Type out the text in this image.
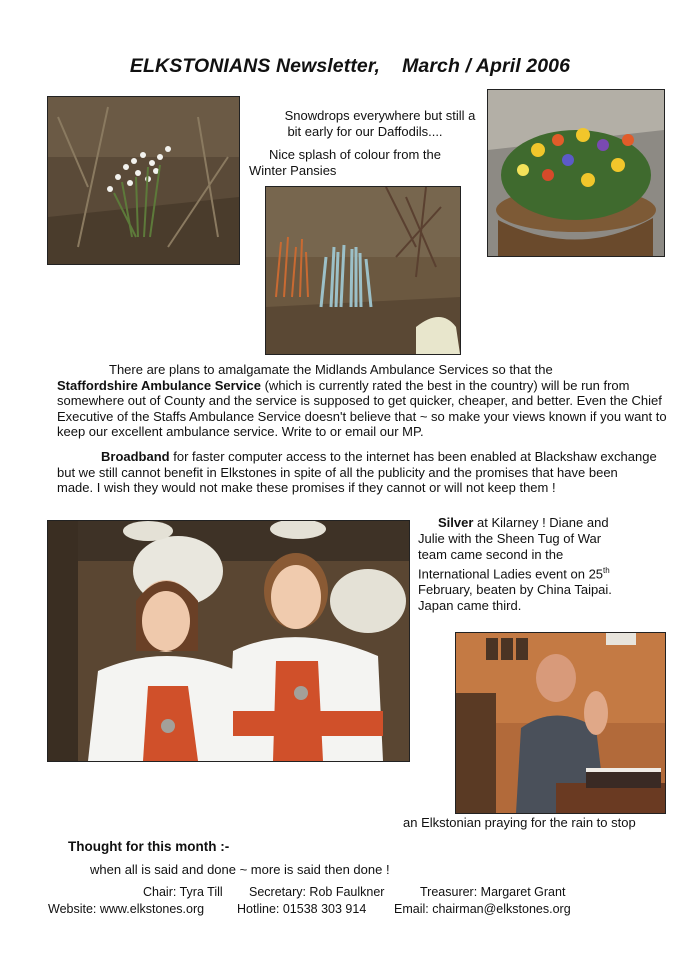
ELKSTONIANS Newsletter,    March / April 2006
Snowdrops everywhere but still a
bit early for our Daffodils....
Nice splash of colour from the
Winter Pansies
There are plans to amalgamate the Midlands Ambulance Services so that the
Staffordshire Ambulance Service (which is currently rated the best in the country) will be run from somewhere out of County and the service is supposed to get quicker, cheaper, and better. Even the Chief Executive of the Staffs Ambulance Service doesn't believe that ~ so make your views known if you want to keep our excellent ambulance service. Write to or email our MP.
Broadband for faster computer access to the internet has been enabled at Blackshaw exchange but we still cannot benefit in Elkstones in spite of all the publicity and the promises that have been made. I wish they would not make these promises if they cannot or will not keep them !
Silver at Kilarney ! Diane and
Julie with the Sheen Tug of War
team came second in the
International Ladies event on 25th
February, beaten by China Taipai.
Japan came third.
an Elkstonian praying for the rain to stop
Thought for this month :-
when all is said and done ~ more is said then done !
Chair: Tyra Till Secretary: Rob Faulkner	Treasurer: Margaret Grant
Website: www.elkstones.org	Hotline: 01538 303 914 Email: chairman@elkstones.org
